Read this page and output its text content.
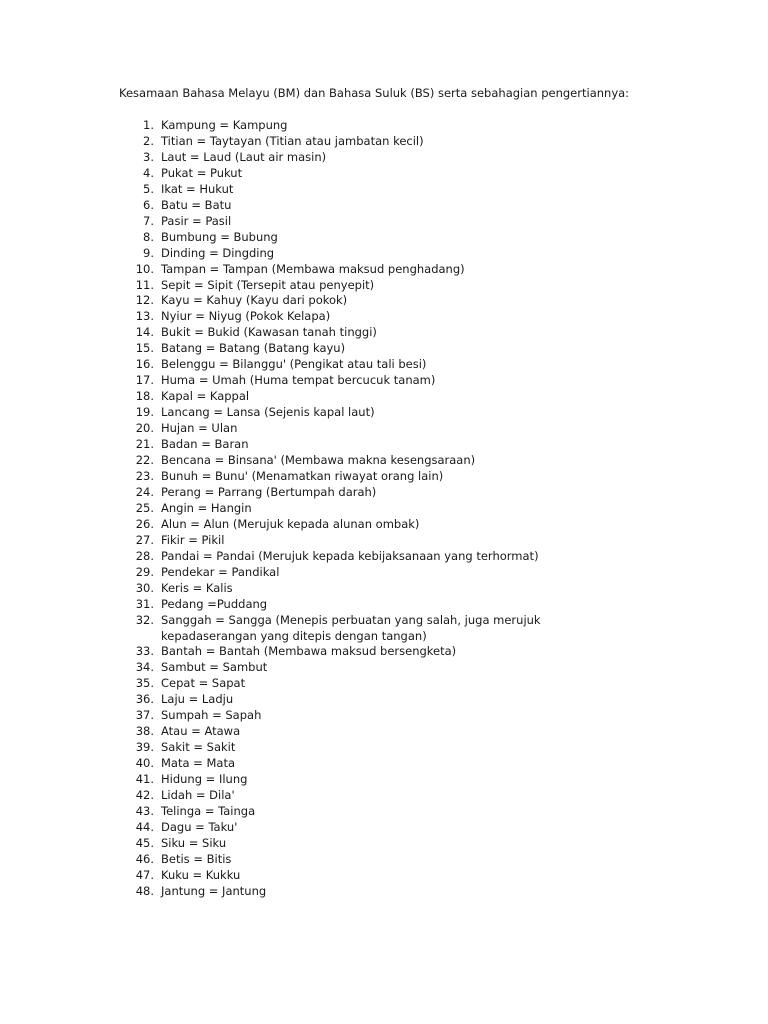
Kesamaan Bahasa Melayu (BM) dan Bahasa Suluk (BS) serta sebahagian pengertiannya:
1. Kampung = Kampung
2. Titian = Taytayan (Titian atau jambatan kecil)
3. Laut = Laud (Laut air masin)
4. Pukat = Pukut
5. Ikat = Hukut
6. Batu = Batu
7. Pasir = Pasil
8. Bumbung = Bubung
9. Dinding = Dingding
10. Tampan = Tampan (Membawa maksud penghadang)
11. Sepit = Sipit (Tersepit atau penyepit)
12. Kayu = Kahuy (Kayu dari pokok)
13. Nyiur = Niyug (Pokok Kelapa)
14. Bukit = Bukid (Kawasan tanah tinggi)
15. Batang = Batang (Batang kayu)
16. Belenggu = Bilanggu' (Pengikat atau tali besi)
17. Huma = Umah (Huma tempat bercucuk tanam)
18. Kapal = Kappal
19. Lancang = Lansa (Sejenis kapal laut)
20. Hujan = Ulan
21. Badan = Baran
22. Bencana = Binsana' (Membawa makna kesengsaraan)
23. Bunuh = Bunu' (Menamatkan riwayat orang lain)
24. Perang = Parrang (Bertumpah darah)
25. Angin = Hangin
26. Alun = Alun (Merujuk kepada alunan ombak)
27. Fikir = Pikil
28. Pandai = Pandai (Merujuk kepada kebijaksanaan yang terhormat)
29. Pendekar = Pandikal
30. Keris = Kalis
31. Pedang =Puddang
32. Sanggah = Sangga (Menepis perbuatan yang salah, juga merujuk kepadaserangan yang ditepis dengan tangan)
33. Bantah = Bantah (Membawa maksud bersengketa)
34. Sambut = Sambut
35. Cepat = Sapat
36. Laju = Ladju
37. Sumpah = Sapah
38. Atau = Atawa
39. Sakit = Sakit
40. Mata = Mata
41. Hidung = Ilung
42. Lidah = Dila'
43. Telinga = Tainga
44. Dagu = Taku'
45. Siku = Siku
46. Betis = Bitis
47. Kuku = Kukku
48. Jantung = Jantung
